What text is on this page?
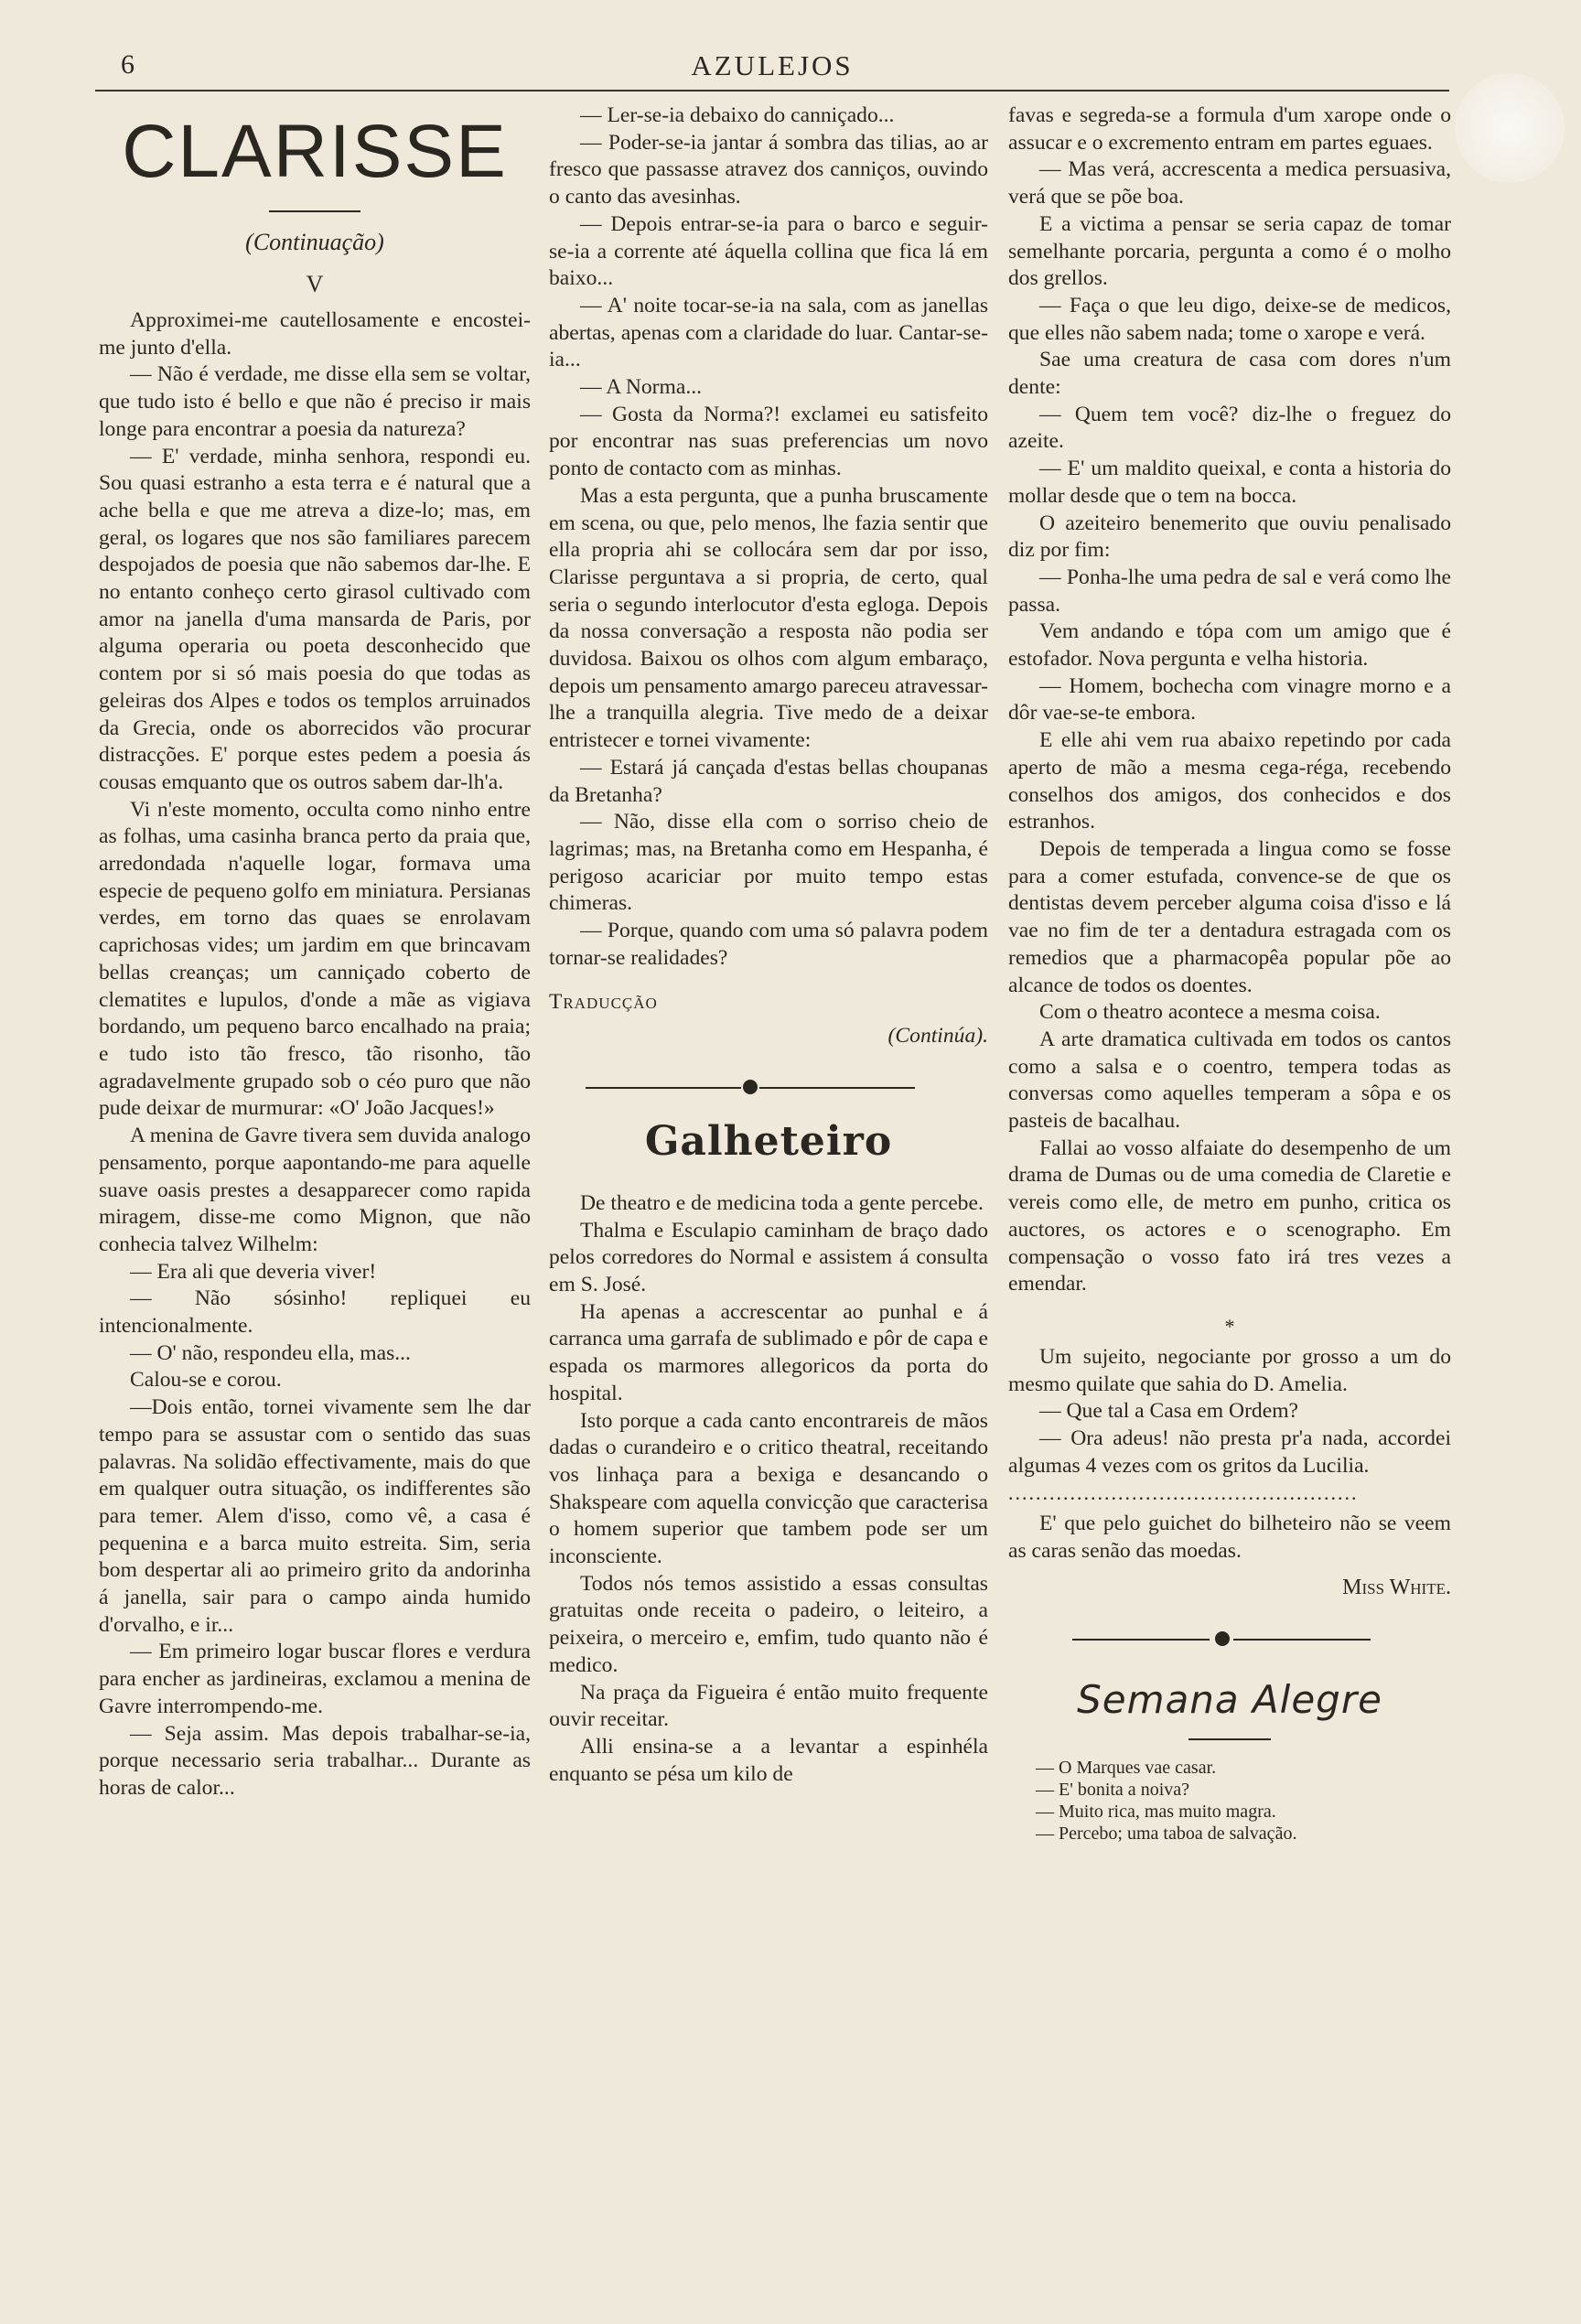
6	AZULEJOS
CLARISSE
(Continuação)
V

Approximei-me cautellosamente e encostei-me junto d'ella.

— Não é verdade, me disse ella sem se voltar, que tudo isto é bello e que não é preciso ir mais longe para encontrar a poesia da natureza?

— E' verdade, minha senhora, respondi eu. Sou quasi estranho a esta terra e é natural que a ache bella e que me atreva a dize-lo; mas, em geral, os logares que nos são familiares parecem despojados de poesia que não sabemos dar-lhe. E no entanto conheço certo girasol cultivado com amor na janella d'uma mansarda de Paris, por alguma operaria ou poeta desconhecido que contem por si só mais poesia do que todas as geleiras dos Alpes e todos os templos arruinados da Grecia, onde os aborrecidos vão procurar distracções. E' porque estes pedem a poesia ás cousas emquanto que os outros sabem dar-lh'a.

Vi n'este momento, occulta como ninho entre as folhas, uma casinha branca perto da praia que, arredondada n'aquelle logar, formava uma especie de pequeno golfo em miniatura. Persianas verdes, em torno das quaes se enrolavam caprichosas vides; um jardim em que brincavam bellas creanças; um canniçado coberto de clematites e lupulos, d'onde a mãe as vigiava bordando, um pequeno barco encalhado na praia; e tudo isto tão fresco, tão risonho, tão agradavelmente grupado sob o céo puro que não pude deixar de murmurar: «O' João Jacques!»

A menina de Gavre tivera sem duvida analogo pensamento, porque aapontando-me para aquelle suave oasis prestes a desapparecer como rapida miragem, disse-me como Mignon, que não conhecia talvez Wilhelm:

— Era ali que deveria viver!

— Não sósinho! repliquei eu intencionalmente.

— O' não, respondeu ella, mas...

Calou-se e corou.

—Dois então, tornei vivamente sem lhe dar tempo para se assustar com o sentido das suas palavras. Na solidão effectivamente, mais do que em qualquer outra situação, os indifferentes são para temer. Alem d'isso, como vê, a casa é pequenina e a barca muito estreita. Sim, seria bom despertar ali ao primeiro grito da andorinha á janella, sair para o campo ainda humido d'orvalho, e ir...

— Em primeiro logar buscar flores e verdura para encher as jardineiras, exclamou a menina de Gavre interrompendo-me.

— Seja assim. Mas depois trabalhar-se-ia, porque necessario seria trabalhar... Durante as horas de calor...

— Ler-se-ia debaixo do canniçado...

— Poder-se-ia jantar á sombra das tilias, ao ar fresco que passasse atravez dos canniços, ouvindo o canto das avesinhas.

— Depois entrar-se-ia para o barco e seguir-se-ia a corrente até áquella collina que fica lá em baixo...

— A' noite tocar-se-ia na sala, com as janellas abertas, apenas com a claridade do luar. Cantar-se-ia...

— A Norma...

— Gosta da Norma?! exclamei eu satisfeito por encontrar nas suas preferencias um novo ponto de contacto com as minhas.

Mas a esta pergunta, que a punha bruscamente em scena, ou que, pelo menos, lhe fazia sentir que ella propria ahi se collocára sem dar por isso, Clarisse perguntava a si propria, de certo, qual seria o segundo interlocutor d'esta egloga. Depois da nossa conversação a resposta não podia ser duvidosa. Baixou os olhos com algum embaraço, depois um pensamento amargo pareceu atravessar-lhe a tranquilla alegria. Tive medo de a deixar entristecer e tornei vivamente:

— Estará já cançada d'estas bellas choupanas da Bretanha?

— Não, disse ella com o sorriso cheio de lagrimas; mas, na Bretanha como em Hespanha, é perigoso acariciar por muito tempo estas chimeras.

— Porque, quando com uma só palavra podem tornar-se realidades?

Traducção

(Continúa).

Galheteiro

De theatro e de medicina toda a gente percebe.

Thalma e Esculapio caminham de braço dado pelos corredores do Normal e assistem á consulta em S. José.

Ha apenas a accrescentar ao punhal e á carranca uma garrafa de sublimado e pôr de capa e espada os marmores allegoricos da porta do hospital.

Isto porque a cada canto encontrareis de mãos dadas o curandeiro e o critico theatral, receitando vos linhaça para a bexiga e desancando o Shakspeare com aquella convicção que caracterisa o homem superior que tambem pode ser um inconsciente.

Todos nós temos assistido a essas consultas gratuitas onde receita o padeiro, o leiteiro, a peixeira, o merceiro e, emfim, tudo quanto não é medico.

Na praça da Figueira é então muito frequente ouvir receitar.

Alli ensina-se a a levantar a espinhéla enquanto se pésa um kilo de

favas e segreda-se a formula d'um xarope onde o assucar e o excremento entram em partes eguaes.

— Mas verá, accrescenta a medica persuasiva, verá que se põe boa.

E a victima a pensar se seria capaz de tomar semelhante porcaria, pergunta a como é o molho dos grellos.

— Faça o que leu digo, deixe-se de medicos, que elles não sabem nada; tome o xarope e verá.

Sae uma creatura de casa com dores n'um dente:

— Quem tem você? diz-lhe o freguez do azeite.

— E' um maldito queixal, e conta a historia do mollar desde que o tem na bocca.

O azeiteiro benemerito que ouviu penalisado diz por fim:

— Ponha-lhe uma pedra de sal e verá como lhe passa.

Vem andando e tópa com um amigo que é estofador. Nova pergunta e velha historia.

— Homem, bochecha com vinagre morno e a dôr vae-se-te embora.

E elle ahi vem rua abaixo repetindo por cada aperto de mão a mesma cega-réga, recebendo conselhos dos amigos, dos conhecidos e dos estranhos.

Depois de temperada a lingua como se fosse para a comer estufada, convence-se de que os dentistas devem perceber alguma coisa d'isso e lá vae no fim de ter a dentadura estragada com os remedios que a pharmacopêa popular põe ao alcance de todos os doentes.

Com o theatro acontece a mesma coisa.

A arte dramatica cultivada em todos os cantos como a salsa e o coentro, tempera todas as conversas como aquelles temperam a sôpa e os pasteis de bacalhau.

Fallai ao vosso alfaiate do desempenho de um drama de Dumas ou de uma comedia de Claretie e vereis como elle, de metro em punho, critica os auctores, os actores e o scenographo. Em compensação o vosso fato irá tres vezes a emendar.

*

Um sujeito, negociante por grosso a um do mesmo quilate que sahia do D. Amelia.

— Que tal a Casa em Ordem?

— Ora adeus! não presta pr'a nada, accordei algumas 4 vezes com os gritos da Lucilia.

...................................................

E' que pelo guichet do bilheteiro não se veem as caras senão das moedas.

Miss White.

Semana Alegre

— O Marques vae casar.

— E' bonita a noiva?

— Muito rica, mas muito magra.

— Percebo; uma taboa de salvação.
